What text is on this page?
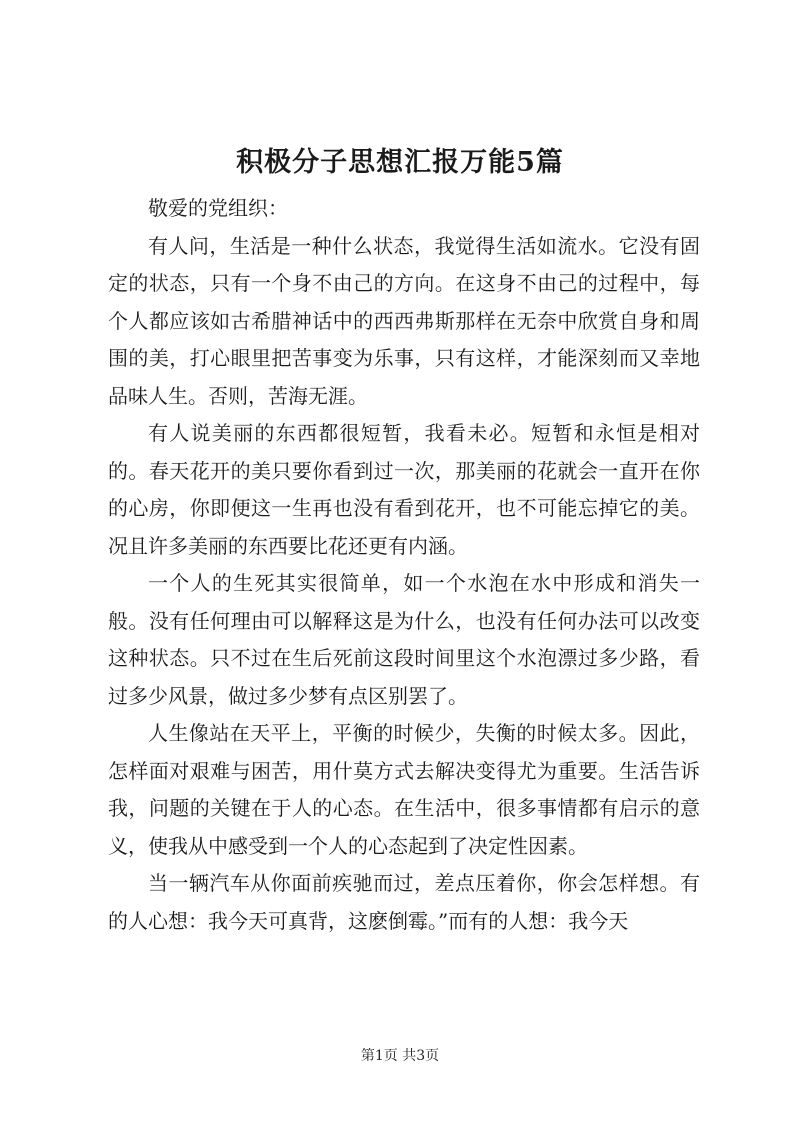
积极分子思想汇报万能5篇

敬爱的党组织：

有人问，生活是一种什么状态，我觉得生活如流水。它没有固定的状态，只有一个身不由己的方向。在这身不由己的过程中，每个人都应该如古希腊神话中的西西弗斯那样在无奈中欣赏自身和周围的美，打心眼里把苦事变为乐事，只有这样，才能深刻而又幸地品味人生。否则，苦海无涯。

有人说美丽的东西都很短暂，我看未必。短暂和永恒是相对的。春天花开的美只要你看到过一次，那美丽的花就会一直开在你的心房，你即便这一生再也没有看到花开，也不可能忘掉它的美。况且许多美丽的东西要比花还更有内涵。

一个人的生死其实很简单，如一个水泡在水中形成和消失一般。没有任何理由可以解释这是为什么，也没有任何办法可以改变这种状态。只不过在生后死前这段时间里这个水泡漂过多少路，看过多少风景，做过多少梦有点区别罢了。

人生像站在天平上，平衡的时候少，失衡的时候太多。因此，怎样面对艰难与困苦，用什莫方式去解决变得尤为重要。生活告诉我，问题的关键在于人的心态。在生活中，很多事情都有启示的意义，使我从中感受到一个人的心态起到了决定性因素。

当一辆汽车从你面前疾驰而过，差点压着你，你会怎样想。有的人心想：我今天可真背，这麽倒霉。”而有的人想：我今天

第1页 共3页
